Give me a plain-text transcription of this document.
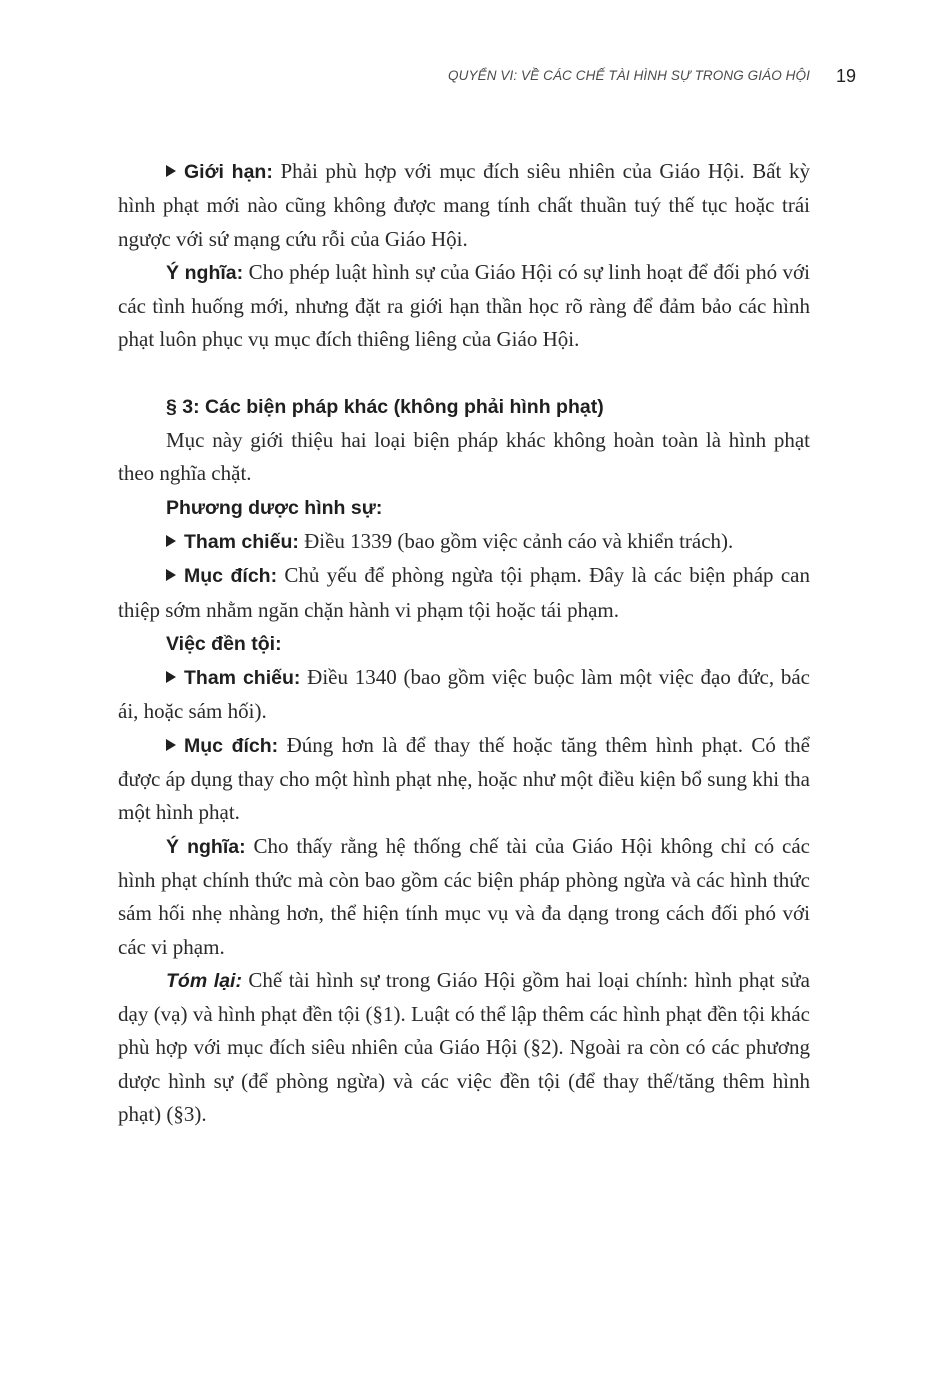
QUYỂN VI: VỀ CÁC CHẾ TÀI HÌNH SỰ TRONG GIÁO HỘI 19

Giới hạn: Phải phù hợp với mục đích siêu nhiên của Giáo Hội. Bất kỳ hình phạt mới nào cũng không được mang tính chất thuần tuý thế tục hoặc trái ngược với sứ mạng cứu rỗi của Giáo Hội.

Ý nghĩa: Cho phép luật hình sự của Giáo Hội có sự linh hoạt để đối phó với các tình huống mới, nhưng đặt ra giới hạn thần học rõ ràng để đảm bảo các hình phạt luôn phục vụ mục đích thiêng liêng của Giáo Hội.

§ 3: Các biện pháp khác (không phải hình phạt)

Mục này giới thiệu hai loại biện pháp khác không hoàn toàn là hình phạt theo nghĩa chặt.

Phương dược hình sự:

Tham chiếu: Điều 1339 (bao gồm việc cảnh cáo và khiển trách).

Mục đích: Chủ yếu để phòng ngừa tội phạm. Đây là các biện pháp can thiệp sớm nhằm ngăn chặn hành vi phạm tội hoặc tái phạm.

Việc đền tội:

Tham chiếu: Điều 1340 (bao gồm việc buộc làm một việc đạo đức, bác ái, hoặc sám hối).

Mục đích: Đúng hơn là để thay thế hoặc tăng thêm hình phạt. Có thể được áp dụng thay cho một hình phạt nhẹ, hoặc như một điều kiện bổ sung khi tha một hình phạt.

Ý nghĩa: Cho thấy rằng hệ thống chế tài của Giáo Hội không chỉ có các hình phạt chính thức mà còn bao gồm các biện pháp phòng ngừa và các hình thức sám hối nhẹ nhàng hơn, thể hiện tính mục vụ và đa dạng trong cách đối phó với các vi phạm.

Tóm lại: Chế tài hình sự trong Giáo Hội gồm hai loại chính: hình phạt sửa dạy (vạ) và hình phạt đền tội (§1). Luật có thể lập thêm các hình phạt đền tội khác phù hợp với mục đích siêu nhiên của Giáo Hội (§2). Ngoài ra còn có các phương dược hình sự (để phòng ngừa) và các việc đền tội (để thay thế/tăng thêm hình phạt) (§3).
